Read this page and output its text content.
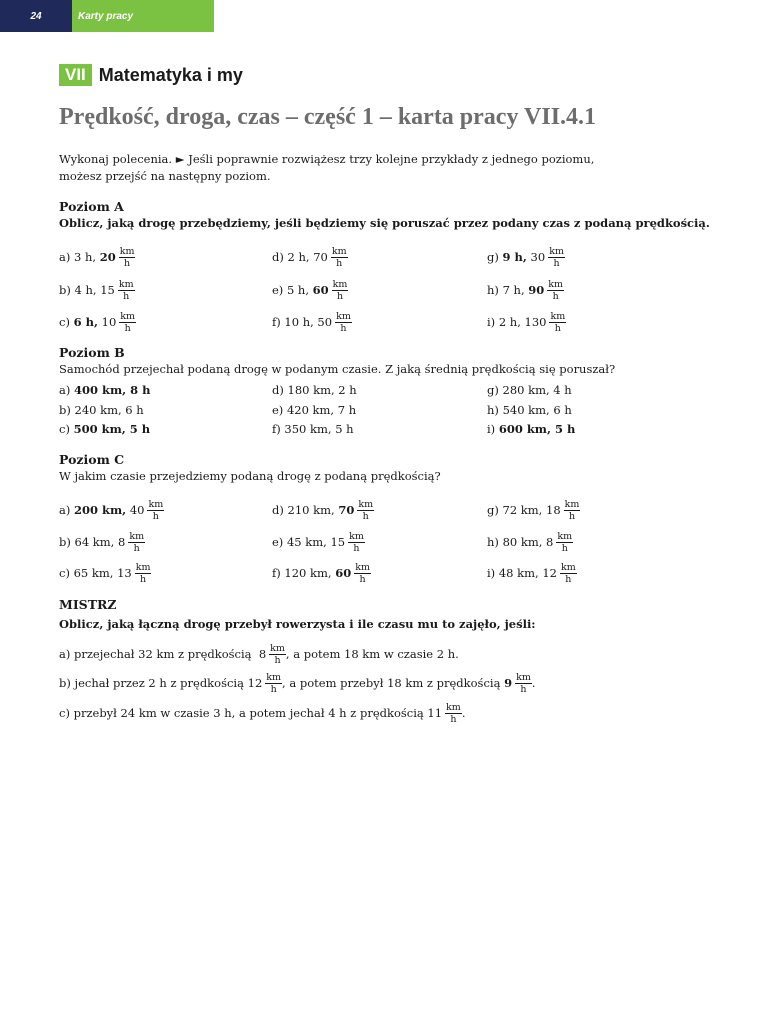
24	Karty pracy
VII Matematyka i my
Prędkość, droga, czas – część 1 – karta pracy VII.4.1
Wykonaj polecenia. ► Jeśli poprawnie rozwiążesz trzy kolejne przykłady z jednego poziomu,
możesz przejść na następny poziom.
Poziom A
Oblicz, jaką drogę przebędziemy, jeśli będziemy się poruszać przez podany czas z podaną prędkością.
a)
3 h,
$20 \frac{km}{h}$	d)
2 h,
$70 \frac{km}{h}$	g)
9 h,
$30 \frac{km}{h}$
b)
4 h,
$15 \frac{km}{h}$	e)
5 h,
$60 \frac{km}{h}$	h)
7 h,
$90 \frac{km}{h}$
c)
6 h,
$10 \frac{km}{h}$	f)
10 h,
$50 \frac{km}{h}$	i)
2 h,
$130 \frac{km}{h}$
Poziom B
Samochód przejechał podaną drogę w podanym czasie. Z jaką średnią prędkością się poruszał?
a)
400 km, 8 h	d)
180 km, 2 h	g)
280 km, 4 h
b)
240 km, 6 h	e)
420 km, 7 h	h)
540 km, 6 h
c)
500 km, 5 h	f)
350 km, 5 h	i)
600 km, 5 h
Poziom C
W jakim czasie przejedziemy podaną drogę z podaną prędkością?
a)
200 km,
$40 \frac{km}{h}$	d)
210 km,
$70 \frac{km}{h}$	g)
72 km,
$18 \frac{km}{h}$
b)
64 km,
$8 \frac{km}{h}$	e)
45 km,
$15 \frac{km}{h}$	h)
80 km,
$8 \frac{km}{h}$
c)
65 km,
$13 \frac{km}{h}$	f)
120 km,
$60 \frac{km}{h}$	i)
48 km,
$12 \frac{km}{h}$
MISTRZ
Oblicz, jaką łączną drogę przebył rowerzysta i ile czasu mu to zajęło, jeśli:
a)
przejechał 32 km z prędkością
$8 \frac{km}{h}$ , a potem 18 km w czasie 2 h.
b)
jechał przez 2 h z prędkością
$12 \frac{km}{h}$ , a potem przebył 18 km z prędkością
$9 \frac{km}{h}$ .
c)
przebył 24 km w czasie 3 h, a potem jechał 4 h z prędkością
$11 \frac{km}{h}$ .
